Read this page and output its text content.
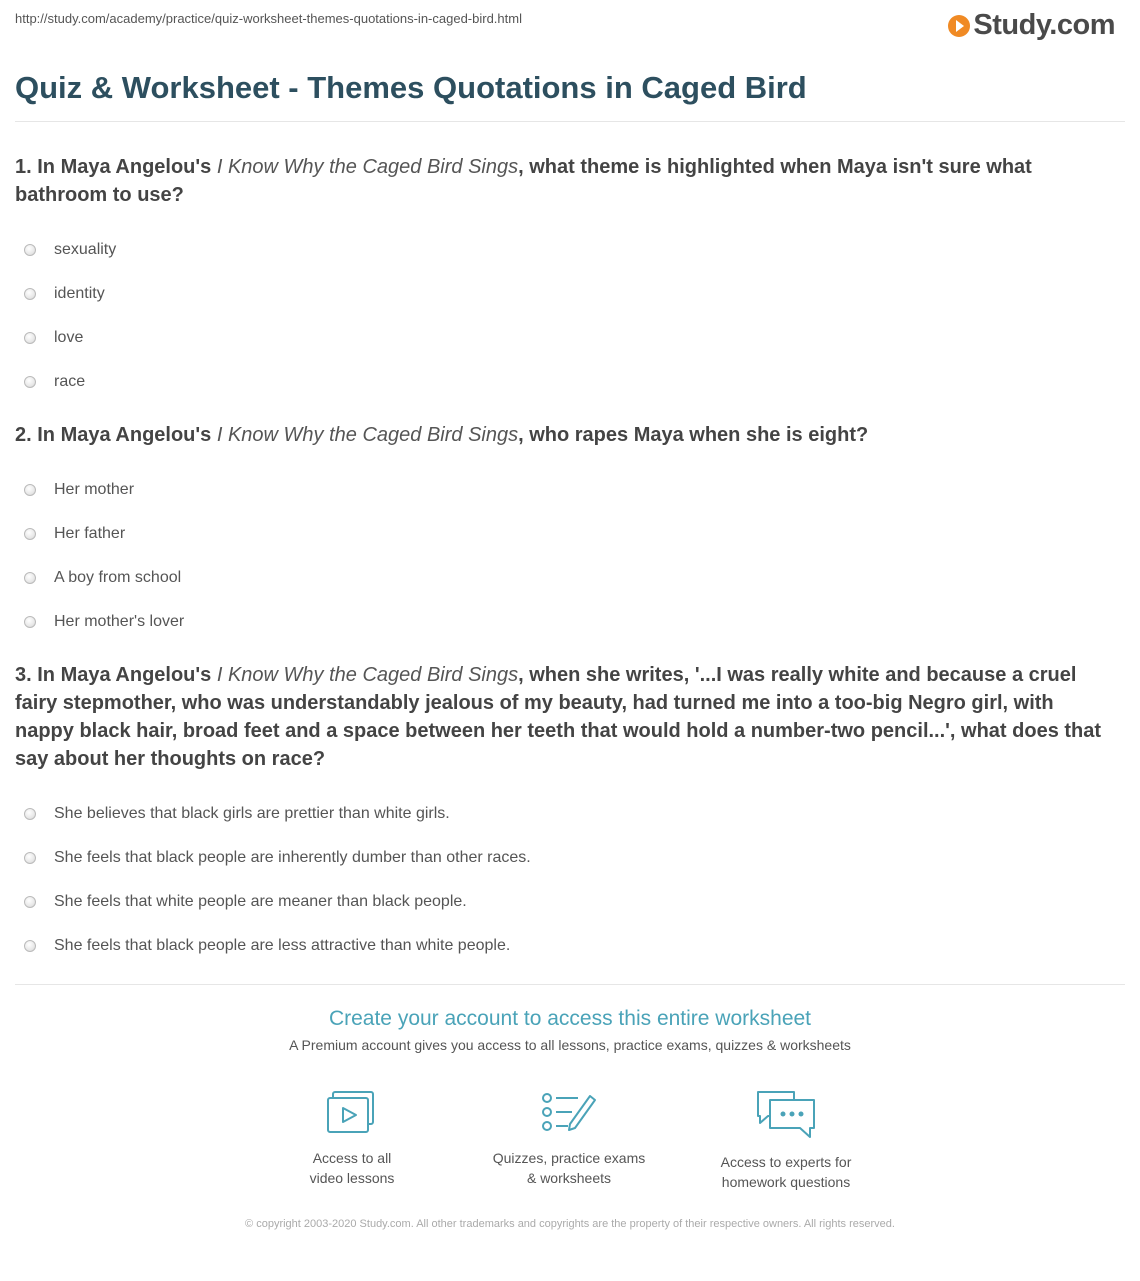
http://study.com/academy/practice/quiz-worksheet-themes-quotations-in-caged-bird.html	Study.com
Quiz & Worksheet - Themes Quotations in Caged Bird

1. In Maya Angelou's I Know Why the Caged Bird Sings, what theme is highlighted when Maya isn't sure what bathroom to use?

sexuality
identity
love
race

2. In Maya Angelou's I Know Why the Caged Bird Sings, who rapes Maya when she is eight?

Her mother
Her father
A boy from school
Her mother's lover

3. In Maya Angelou's I Know Why the Caged Bird Sings, when she writes, '...I was really white and because a cruel fairy stepmother, who was understandably jealous of my beauty, had turned me into a too-big Negro girl, with nappy black hair, broad feet and a space between her teeth that would hold a number-two pencil...', what does that say about her thoughts on race?

She believes that black girls are prettier than white girls.
She feels that black people are inherently dumber than other races.
She feels that white people are meaner than black people.
She feels that black people are less attractive than white people.

Create your account to access this entire worksheet

A Premium account gives you access to all lessons, practice exams, quizzes & worksheets
Access to all
video lessons
Quizzes, practice exams
& worksheets
Access to experts for
homework questions
© copyright 2003-2020 Study.com. All other trademarks and copyrights are the property of their respective owners. All rights reserved.
